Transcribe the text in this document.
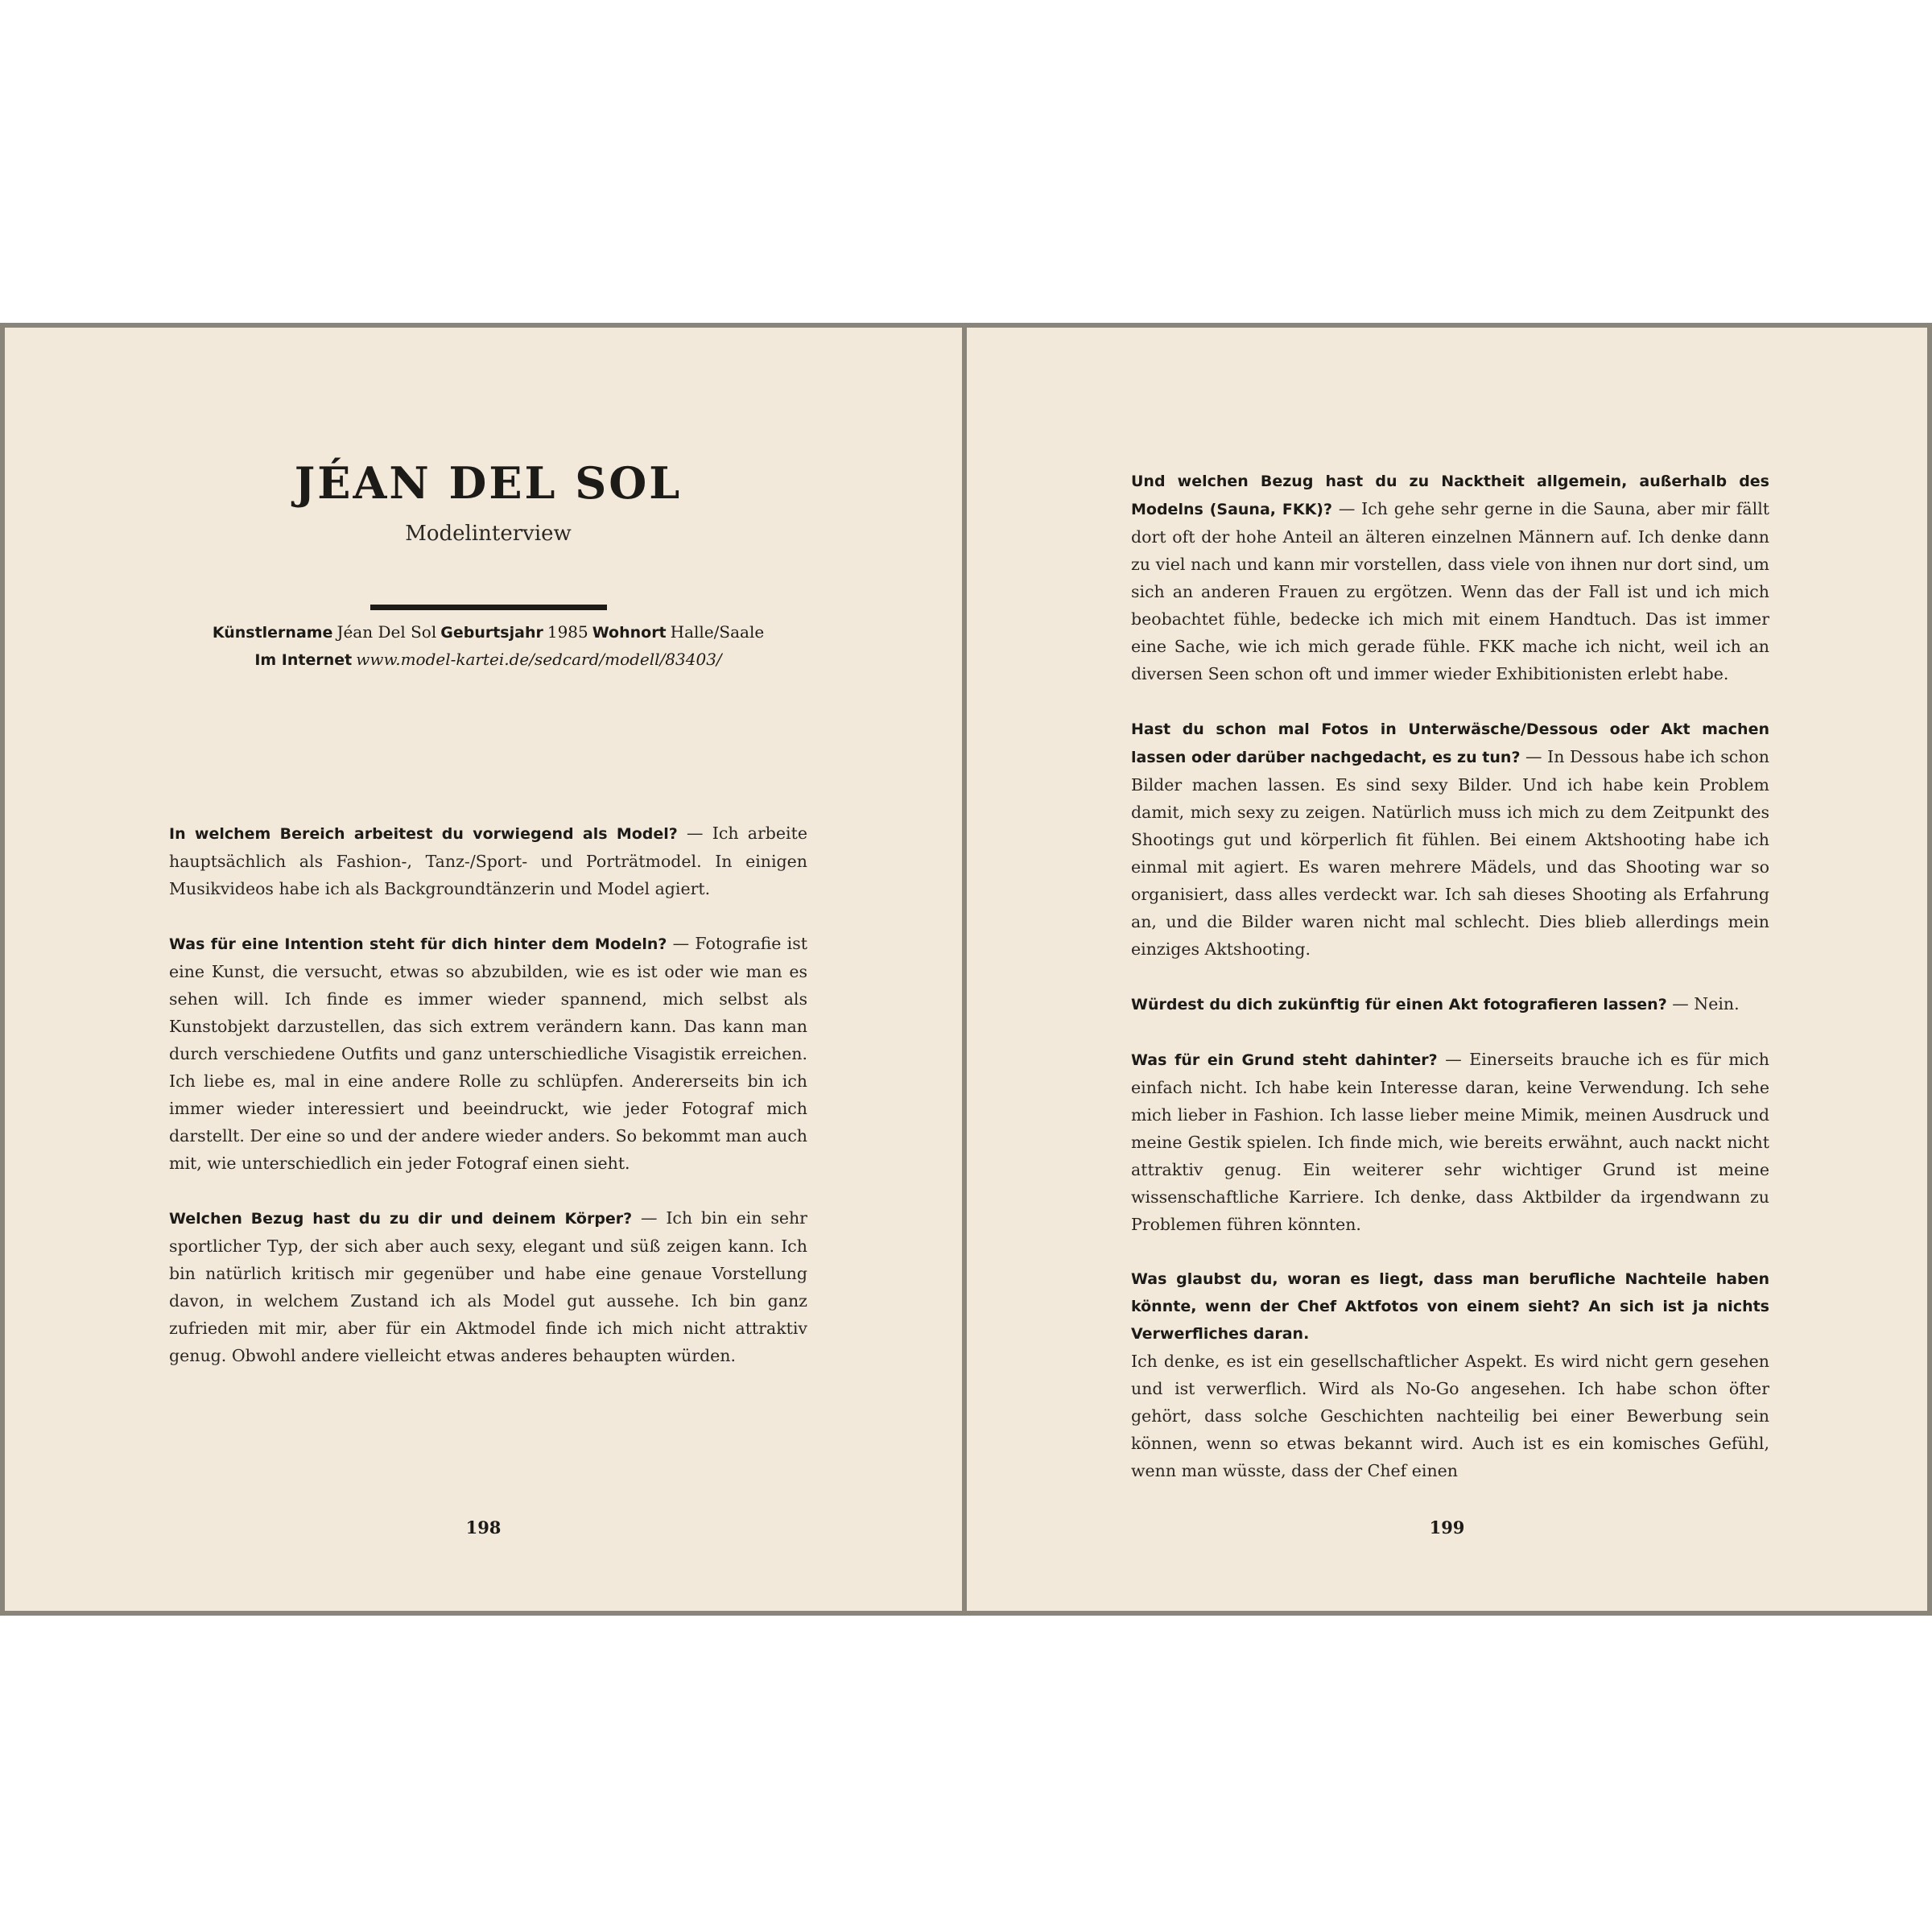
JÉAN DEL SOL
Modelinterview
Künstlername Jéan Del Sol Geburtsjahr 1985 Wohnort Halle/Saale
Im Internet www.model-kartei.de/sedcard/modell/83403/

In welchem Bereich arbeitest du vorwiegend als Model? — Ich arbeite hauptsächlich als Fashion-, Tanz-/Sport- und Porträtmodel. In einigen Musikvideos habe ich als Backgroundtänzerin und Model agiert.

Was für eine Intention steht für dich hinter dem Modeln? — Fotografie ist eine Kunst, die versucht, etwas so abzubilden, wie es ist oder wie man es sehen will. Ich finde es immer wieder spannend, mich selbst als Kunstobjekt darzustellen, das sich extrem verändern kann. Das kann man durch verschiedene Outfits und ganz unterschiedliche Visagistik erreichen. Ich liebe es, mal in eine andere Rolle zu schlüpfen. Andererseits bin ich immer wieder interessiert und beeindruckt, wie jeder Fotograf mich darstellt. Der eine so und der andere wieder anders. So bekommt man auch mit, wie unterschiedlich ein jeder Fotograf einen sieht.

Welchen Bezug hast du zu dir und deinem Körper? — Ich bin ein sehr sportlicher Typ, der sich aber auch sexy, elegant und süß zeigen kann. Ich bin natürlich kritisch mir gegenüber und habe eine genaue Vorstellung davon, in welchem Zustand ich als Model gut aussehe. Ich bin ganz zufrieden mit mir, aber für ein Aktmodel finde ich mich nicht attraktiv genug. Obwohl andere vielleicht etwas anderes behaupten würden.

198

Und welchen Bezug hast du zu Nacktheit allgemein, außerhalb des Modelns (Sauna, FKK)? — Ich gehe sehr gerne in die Sauna, aber mir fällt dort oft der hohe Anteil an älteren einzelnen Männern auf. Ich denke dann zu viel nach und kann mir vorstellen, dass viele von ihnen nur dort sind, um sich an anderen Frauen zu ergötzen. Wenn das der Fall ist und ich mich beobachtet fühle, bedecke ich mich mit einem Handtuch. Das ist immer eine Sache, wie ich mich gerade fühle. FKK mache ich nicht, weil ich an diversen Seen schon oft und immer wieder Exhibitionisten erlebt habe.

Hast du schon mal Fotos in Unterwäsche/Dessous oder Akt machen lassen oder darüber nachgedacht, es zu tun? — In Dessous habe ich schon Bilder machen lassen. Es sind sexy Bilder. Und ich habe kein Problem damit, mich sexy zu zeigen. Natürlich muss ich mich zu dem Zeitpunkt des Shootings gut und körperlich fit fühlen. Bei einem Aktshooting habe ich einmal mit agiert. Es waren mehrere Mädels, und das Shooting war so organisiert, dass alles verdeckt war. Ich sah dieses Shooting als Erfahrung an, und die Bilder waren nicht mal schlecht. Dies blieb allerdings mein einziges Aktshooting.

Würdest du dich zukünftig für einen Akt fotografieren lassen? — Nein.

Was für ein Grund steht dahinter? — Einerseits brauche ich es für mich einfach nicht. Ich habe kein Interesse daran, keine Verwendung. Ich sehe mich lieber in Fashion. Ich lasse lieber meine Mimik, meinen Ausdruck und meine Gestik spielen. Ich finde mich, wie bereits erwähnt, auch nackt nicht attraktiv genug. Ein weiterer sehr wichtiger Grund ist meine wissenschaftliche Karriere. Ich denke, dass Aktbilder da irgendwann zu Problemen führen könnten.

Was glaubst du, woran es liegt, dass man berufliche Nachteile haben könnte, wenn der Chef Aktfotos von einem sieht? An sich ist ja nichts Verwerfliches daran.
Ich denke, es ist ein gesellschaftlicher Aspekt. Es wird nicht gern gesehen und ist verwerflich. Wird als No-Go angesehen. Ich habe schon öfter gehört, dass solche Geschichten nachteilig bei einer Bewerbung sein können, wenn so etwas bekannt wird. Auch ist es ein komisches Gefühl, wenn man wüsste, dass der Chef einen

199
